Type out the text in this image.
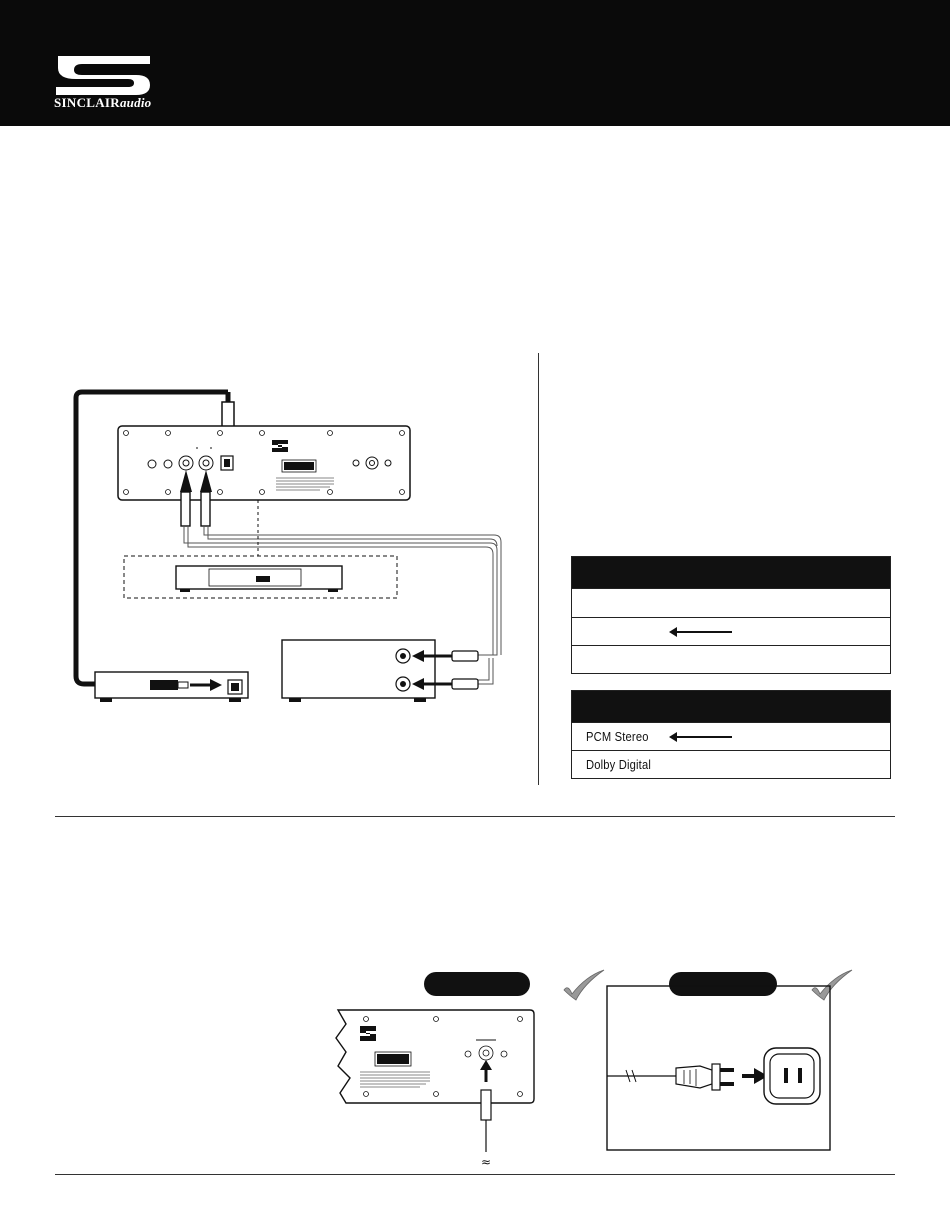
SINCLAIRaudio
PCM Stereo
Dolby Digital
≈
